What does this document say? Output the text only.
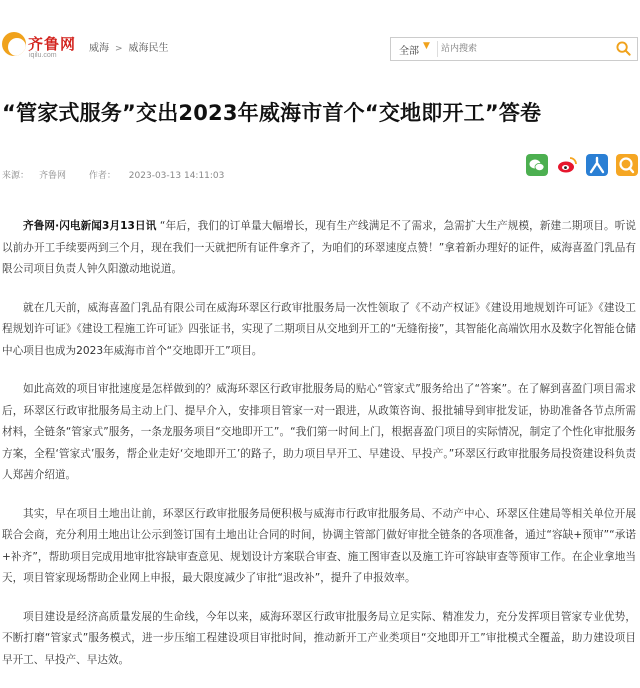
齐鲁网
iqilu.com
威海 > 威海民生	全部 ▼
站内搜索
“管家式服务”交出2023年威海市首个“交地即开工”答卷
来源： 齐鲁网	作者： 2023-03-13 14:11:03

齐鲁网·闪电新闻3月13日讯 “年后，我们的订单量大幅增长，现有生产线满足不了需求，急需扩大生产规模，新建二期项目。听说以前办开工手续要两到三个月，现在我们一天就把所有证件拿齐了，为咱们的环翠速度点赞！”拿着新办理好的证件，威海喜盈门乳品有限公司项目负责人钟久阳激动地说道。

就在几天前，威海喜盈门乳品有限公司在威海环翠区行政审批服务局一次性领取了《不动产权证》《建设用地规划许可证》《建设工程规划许可证》《建设工程施工许可证》四张证书，实现了二期项目从交地到开工的“无缝衔接”，其智能化高端饮用水及数字化智能仓储中心项目也成为2023年威海市首个“交地即开工”项目。

如此高效的项目审批速度是怎样做到的？威海环翠区行政审批服务局的贴心“管家式”服务给出了“答案”。在了解到喜盈门项目需求后，环翠区行政审批服务局主动上门、提早介入，安排项目管家一对一跟进，从政策咨询、报批辅导到审批发证，协助准备各节点所需材料，全链条“管家式”服务，一条龙服务项目“交地即开工”。“我们第一时间上门，根据喜盈门项目的实际情况，制定了个性化审批服务方案，全程‘管家式’服务，帮企业走好‘交地即开工’的路子，助力项目早开工、早建设、早投产。”环翠区行政审批服务局投资建设科负责人郑茜介绍道。

其实，早在项目土地出让前，环翠区行政审批服务局便积极与威海市行政审批服务局、不动产中心、环翠区住建局等相关单位开展联合会商，充分利用土地出让公示到签订国有土地出让合同的时间，协调主管部门做好审批全链条的各项准备，通过“容缺+预审”“承诺+补齐”，帮助项目完成用地审批容缺审查意见、规划设计方案联合审查、施工图审查以及施工许可容缺审查等预审工作。在企业拿地当天，项目管家现场帮助企业网上申报，最大限度减少了审批“退改补”，提升了申报效率。

项目建设是经济高质量发展的生命线，今年以来，威海环翠区行政审批服务局立足实际、精准发力，充分发挥项目管家专业优势，不断打磨“管家式”服务模式，进一步压缩工程建设项目审批时间，推动新开工产业类项目“交地即开工”审批模式全覆盖，助力建设项目早开工、早投产、早达效。
